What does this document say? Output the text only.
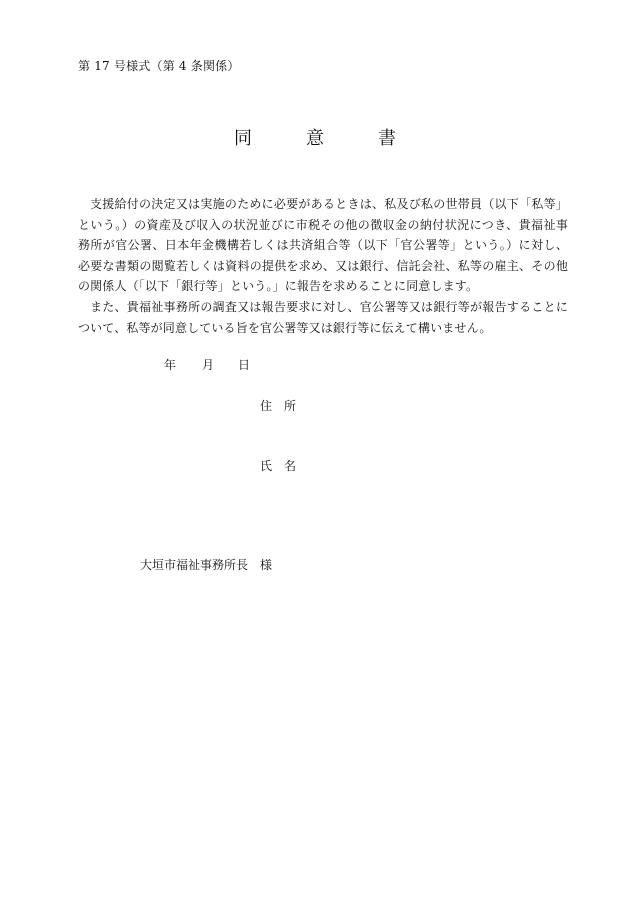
第 17 号様式（第 4 条関係）
同	意	書

支援給付の決定又は実施のために必要があるときは、私及び私の世帯員（以下「私等」という。）の資産及び収入の状況並びに市税その他の徴収金の納付状況につき、貴福祉事務所が官公署、日本年金機構若しくは共済組合等（以下「官公署等」という。）に対し、必要な書類の閲覧若しくは資料の提供を求め、又は銀行、信託会社、私等の雇主、その他の関係人（「以下「銀行等」という。」に報告を求めることに同意します。

また、貴福祉事務所の調査又は報告要求に対し、官公署等又は銀行等が報告することについて、私等が同意している旨を官公署等又は銀行等に伝えて構いません。

年 月 日
住　所
氏　名
大垣市福祉事務所長　様
